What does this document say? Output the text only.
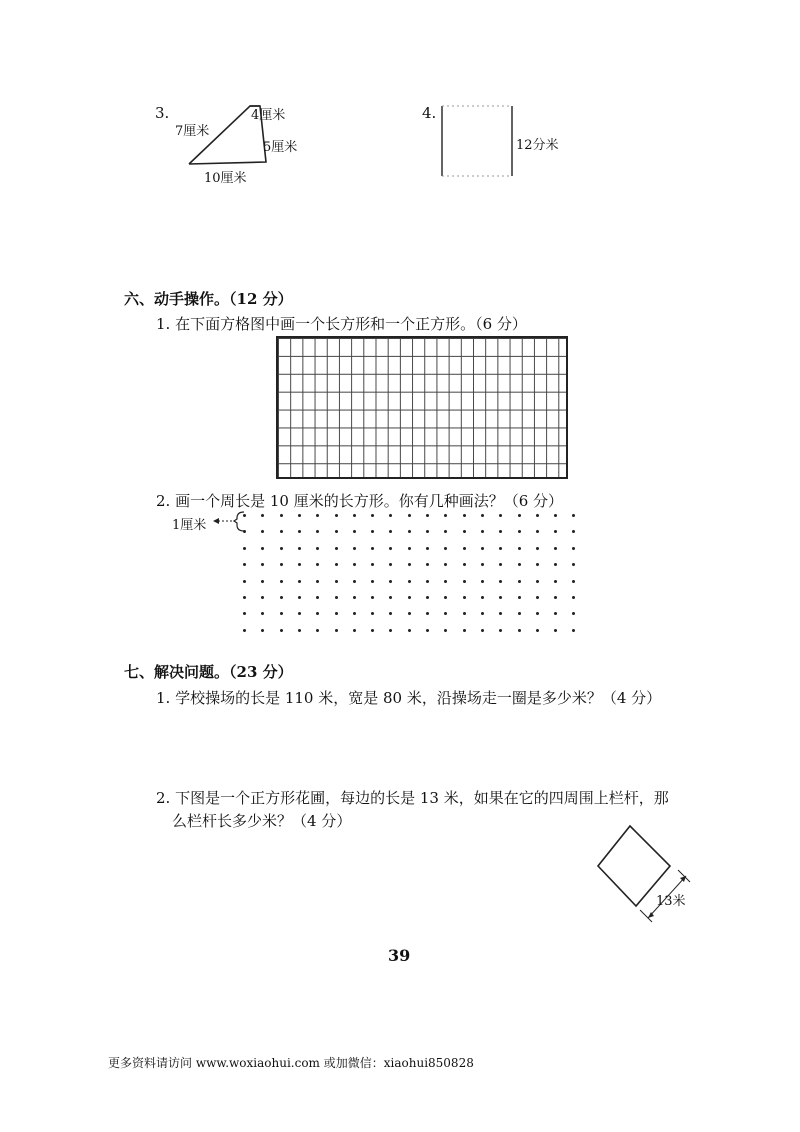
3.	4厘米
7厘米
5厘米
10厘米
4.
12分米
六、动手操作。（12 分）
1. 在下面方格图中画一个长方形和一个正方形。（6 分）
2. 画一个周长是 10 厘米的长方形。你有几种画法？（6 分）
1厘米
七、解决问题。（23 分）
1. 学校操场的长是 110 米，宽是 80 米，沿操场走一圈是多少米？（4 分）
2. 下图是一个正方形花圃，每边的长是 13 米，如果在它的四周围上栏杆，那
么栏杆长多少米？（4 分）
13米
39
更多资料请访问 www.woxiaohui.com 或加微信：xiaohui850828
